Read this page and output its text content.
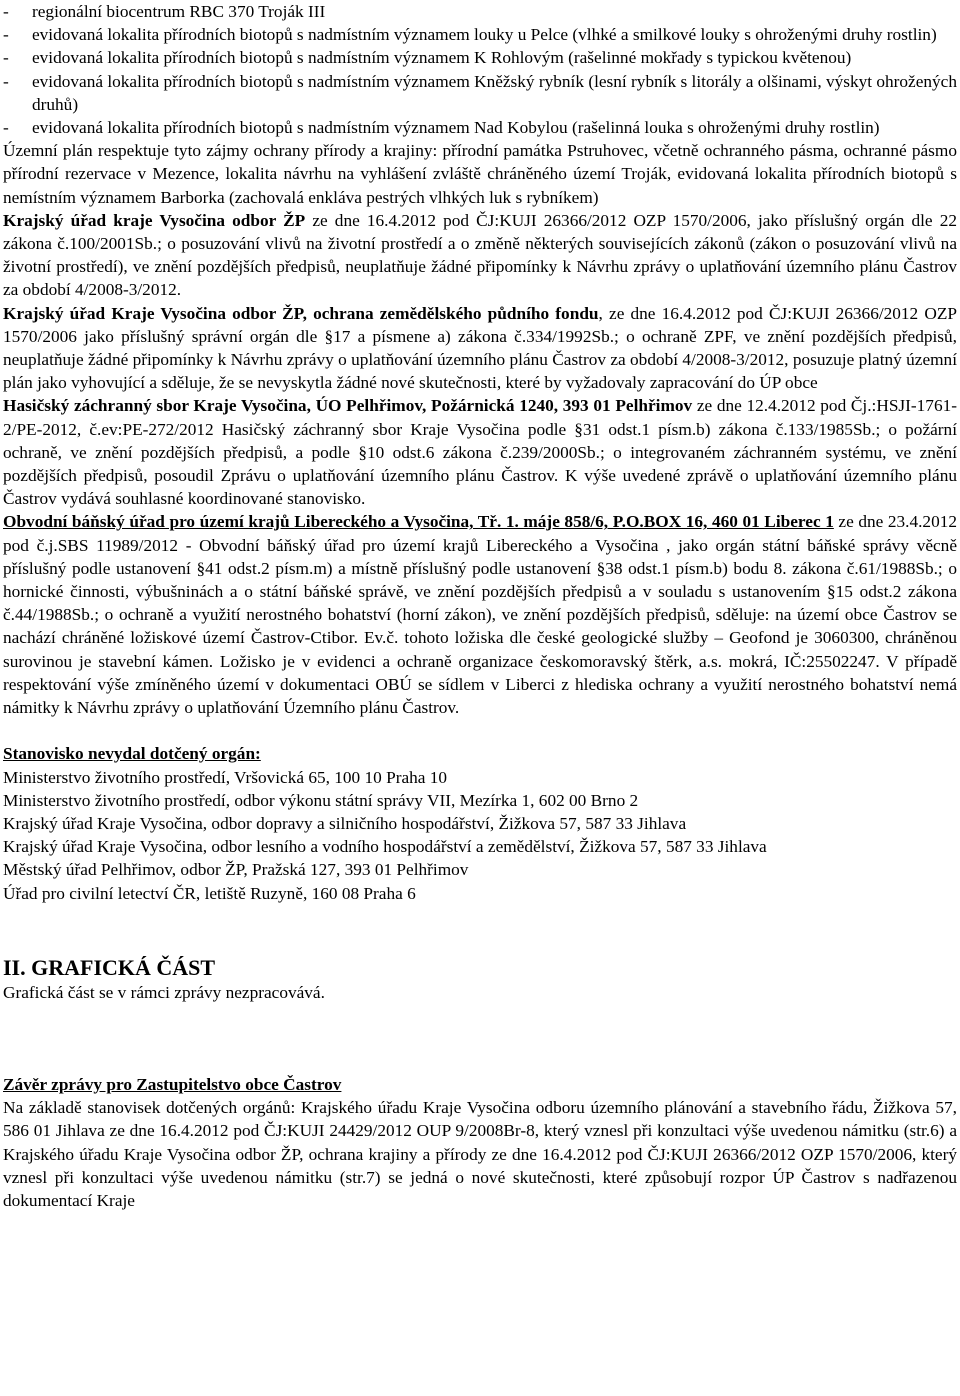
- regionální biocentrum RBC 370 Troják III
- evidovaná lokalita přírodních biotopů s nadmístním významem louky u Pelce (vlhké a smilkové louky s ohroženými druhy rostlin)
- evidovaná lokalita přírodních biotopů s nadmístním významem K Rohlovým (rašelinné mokřady s typickou květenou)
- evidovaná lokalita přírodních biotopů s nadmístním významem Kněžský rybník (lesní rybník s litorály a olšinami, výskyt ohrožených druhů)
- evidovaná lokalita přírodních biotopů s nadmístním významem Nad Kobylou (rašelinná louka s ohroženými druhy rostlin)

Územní plán respektuje tyto zájmy ochrany přírody a krajiny: přírodní památka Pstruhovec, včetně ochranného pásma, ochranné pásmo přírodní rezervace v Mezence, lokalita návrhu na vyhlášení zvláště chráněného území Troják, evidovaná lokalita přírodních biotopů s nemístním významem Barborka (zachovalá enkláva pestrých vlhkých luk s rybníkem)

Krajský úřad kraje Vysočina odbor ŽP ze dne 16.4.2012 pod ČJ:KUJI 26366/2012 OZP 1570/2006, jako příslušný orgán dle 22 zákona č.100/2001Sb.; o posuzování vlivů na životní prostředí a o změně některých souvisejících zákonů (zákon o posuzování vlivů na životní prostředí), ve znění pozdějších předpisů, neuplatňuje žádné připomínky k Návrhu zprávy o uplatňování územního plánu Častrov za období 4/2008-3/2012.

Krajský úřad Kraje Vysočina odbor ŽP, ochrana zemědělského půdního fondu, ze dne 16.4.2012 pod ČJ:KUJI 26366/2012 OZP 1570/2006 jako příslušný správní orgán dle §17 a písmene a) zákona č.334/1992Sb.; o ochraně ZPF, ve znění pozdějších předpisů, neuplatňuje žádné připomínky k Návrhu zprávy o uplatňování územního plánu Častrov za období 4/2008-3/2012, posuzuje platný územní plán jako vyhovující a sděluje, že se nevyskytla žádné nové skutečnosti, které by vyžadovaly zapracování do ÚP obce

Hasičský záchranný sbor Kraje Vysočina, ÚO Pelhřimov, Požárnická 1240, 393 01 Pelhřimov ze dne 12.4.2012 pod Čj.:HSJI-1761-2/PE-2012, č.ev:PE-272/2012 Hasičský záchranný sbor Kraje Vysočina podle §31 odst.1 písm.b) zákona č.133/1985Sb.; o požární ochraně, ve znění pozdějších předpisů, a podle §10 odst.6 zákona č.239/2000Sb.; o integrovaném záchranném systému, ve znění pozdějších předpisů, posoudil Zprávu o uplatňování územního plánu Častrov. K výše uvedené zprávě o uplatňování územního plánu Častrov vydává souhlasné koordinované stanovisko.

Obvodní báňský úřad pro území krajů Libereckého a Vysočina, Tř. 1. máje 858/6, P.O.BOX 16, 460 01 Liberec 1 ze dne 23.4.2012 pod č.j.SBS 11989/2012 - Obvodní báňský úřad pro území krajů Libereckého a Vysočina , jako orgán státní báňské správy věcně příslušný podle ustanovení §41 odst.2 písm.m) a místně příslušný podle ustanovení §38 odst.1 písm.b) bodu 8. zákona č.61/1988Sb.; o hornické činnosti, výbušninách a o státní báňské správě, ve znění pozdějších předpisů a v souladu s ustanovením §15 odst.2 zákona č.44/1988Sb.; o ochraně a využití nerostného bohatství (horní zákon), ve znění pozdějších předpisů, sděluje: na území obce Častrov se nachází chráněné ložiskové území Častrov-Ctibor. Ev.č. tohoto ložiska dle české geologické služby – Geofond je 3060300, chráněnou surovinou je stavební kámen. Ložisko je v evidenci a ochraně organizace českomoravský štěrk, a.s. mokrá, IČ:25502247. V případě respektování výše zmíněného území v dokumentaci OBÚ se sídlem v Liberci z hlediska ochrany a využití nerostného bohatství nemá námitky k Návrhu zprávy o uplatňování Územního plánu Častrov.

Stanovisko nevydal dotčený orgán:

Ministerstvo životního prostředí, Vršovická 65, 100 10 Praha 10

Ministerstvo životního prostředí, odbor výkonu státní správy VII, Mezírka 1, 602 00 Brno 2

Krajský úřad Kraje Vysočina, odbor dopravy a silničního hospodářství, Žižkova 57, 587 33 Jihlava

Krajský úřad Kraje Vysočina, odbor lesního a vodního hospodářství a zemědělství, Žižkova 57, 587 33 Jihlava

Městský úřad Pelhřimov, odbor ŽP, Pražská 127, 393 01 Pelhřimov

Úřad pro civilní letectví ČR, letiště Ruzyně, 160 08 Praha 6

II. GRAFICKÁ ČÁST

Grafická část se v rámci zprávy nezpracovává.

Závěr zprávy pro Zastupitelstvo obce Častrov

Na základě stanovisek dotčených orgánů: Krajského úřadu Kraje Vysočina odboru územního plánování a stavebního řádu, Žižkova 57, 586 01 Jihlava ze dne 16.4.2012 pod ČJ:KUJI 24429/2012 OUP 9/2008Br-8, který vznesl při konzultaci výše uvedenou námitku (str.6) a Krajského úřadu Kraje Vysočina odbor ŽP, ochrana krajiny a přírody ze dne 16.4.2012 pod ČJ:KUJI 26366/2012 OZP 1570/2006, který vznesl při konzultaci výše uvedenou námitku (str.7) se jedná o nové skutečnosti, které způsobují rozpor ÚP Častrov s nadřazenou dokumentací Kraje
